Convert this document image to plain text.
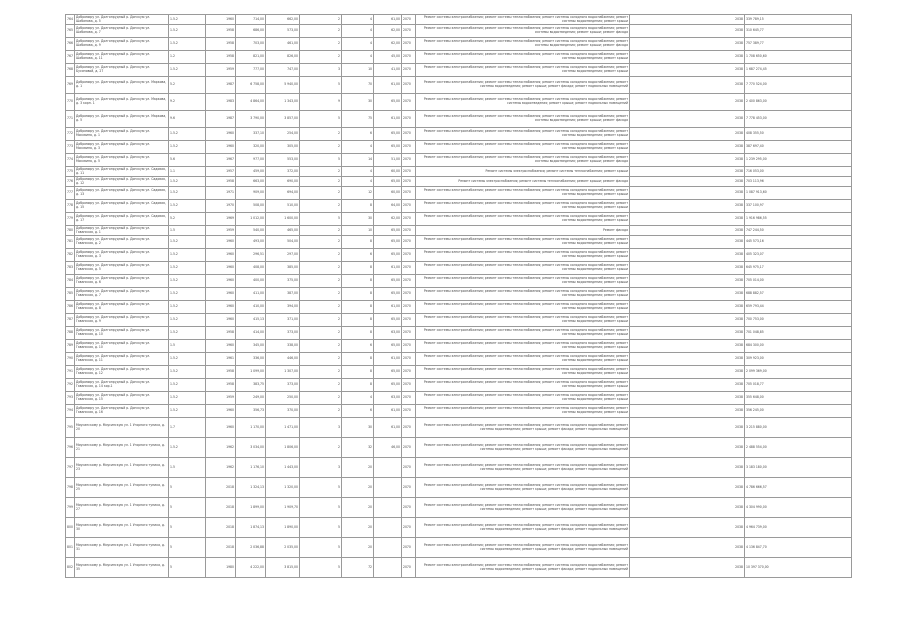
764	Добромиру ул. Долгопрудный р. Донскую ул. Шабанова, д. 5	1.5.2	1960	714,00	662,00	2	4	61,00	2070	Ремонт системы электроснабжения; ремонт системы теплоснабжения; ремонт системы холодного водоснабжения; ремонт системы водоотведения; ремонт крыши	2038	339 789,15
765	Добромиру ул. Долгопрудный р. Донскую ул. Шабанова, д. 7	1.5.2	1958	686,00	573,00	2	4	62,00	2070	Ремонт системы электроснабжения; ремонт системы теплоснабжения; ремонт системы холодного водоснабжения; ремонт системы водоотведения; ремонт крыши; ремонт фасада	2038	310 645,77
766	Добромиру ул. Долгопрудный р. Донскую ул. Шабанова, д. 9	1.5.2	1958	703,00	461,00	2	4	62,00	2070	Ремонт системы электроснабжения; ремонт системы теплоснабжения; ремонт системы холодного водоснабжения; ремонт системы водоотведения; ремонт крыши; ремонт фасада	2038	757 389,77
767	Добромиру ул. Долгопрудный р. Донскую ул. Шабанова, д. 11	1.2	1958	821,00	826,00	2	4	45,00	2070	Ремонт системы электроснабжения; ремонт системы теплоснабжения; ремонт системы холодного водоснабжения; ремонт системы водоотведения; ремонт крыши	2038	1 708 650,60
768	Добромиру ул. Долгопрудный р. Донскую ул. Бусиновой, д. 27	1.5.2	1959	777,00	747,00	3	10	41,00	2070	Ремонт системы электроснабжения; ремонт системы теплоснабжения; ремонт системы холодного водоснабжения; ремонт системы водоотведения; ремонт крыши	2038	1 687 274,45
769	Добромиру ул. Долгопрудный р. Донскую ул. Маркова, д. 1	5.2	1987	6 758,00	5 940,00	5	70	61,00	2070	Ремонт системы электроснабжения; ремонт системы теплоснабжения; ремонт системы холодного водоснабжения; ремонт системы водоотведения; ремонт крыши; ремонт фасада; ремонт подвальных помещений	2038	7 770 524,00
770	Добромиру ул. Долгопрудный р. Донскую ул. Маркова, д. 3 корп. 1	9.2	1983	4 864,00	1 343,00	9	30	65,00	2070	Ремонт системы электроснабжения; ремонт системы теплоснабжения; ремонт системы холодного водоснабжения; ремонт системы водоотведения; ремонт крыши; ремонт подвальных помещений	2038	2 400 863,00
771	Добромиру ул. Долгопрудный р. Донскую ул. Маркова, д. 5	9.6	1987	3 790,00	3 857,00	5	75	61,00	2070	Ремонт системы электроснабжения; ремонт системы теплоснабжения; ремонт системы холодного водоснабжения; ремонт системы водоотведения; ремонт крыши; ремонт фасада	2038	7 778 453,00
772	Добромиру ул. Долгопрудный р. Донскую ул. Москвина, д. 1	1.5.2	1960	337,10	254,00	2	6	65,00	2070	Ремонт системы электроснабжения; ремонт системы теплоснабжения; ремонт системы холодного водоснабжения; ремонт системы водоотведения; ремонт крыши	2038	408 355,50
773	Добромиру ул. Долгопрудный р. Донскую ул. Москвина, д. 3	1.5.2	1960	320,00	305,00	2	4	65,00	2070	Ремонт системы электроснабжения; ремонт системы теплоснабжения; ремонт системы холодного водоснабжения; ремонт системы водоотведения; ремонт крыши	2038	387 697,40
774	Добромиру ул. Долгопрудный р. Донскую ул. Москвина, д. 5	5.6	1967	977,00	553,00	5	14	51,00	2070	Ремонт системы электроснабжения; ремонт системы теплоснабжения; ремонт системы холодного водоснабжения; ремонт системы водоотведения; ремонт крыши; ремонт фасада	2038	1 239 295,00
775	Добромиру ул. Долгопрудный р. Донскую ул. Садовая, д. 11	1.1	1957	459,00	372,00	2	4	60,00	2070	Ремонт системы электроснабжения; ремонт системы теплоснабжения; ремонт крыши	2038	716 053,00
776	Добромиру ул. Долгопрудный р. Донскую ул. Садовая, д. 12	1.5.2	1958	663,00	690,00	2	4	65,00	2070	Ремонт системы электроснабжения; ремонт системы теплоснабжения; ремонт крыши; ремонт фасада	2038	703 113,96
777	Добромиру ул. Долгопрудный р. Донскую ул. Садовая, д. 13	1.5.2	1971	909,00	694,00	2	12	60,00	2070	Ремонт системы электроснабжения; ремонт системы теплоснабжения; ремонт системы холодного водоснабжения; ремонт системы водоотведения; ремонт крыши	2038	1 087 913,60
778	Добромиру ул. Долгопрудный р. Донскую ул. Садовая, д. 15	1.5.2	1970	508,00	510,00	2	8	64,00	2070	Ремонт системы электроснабжения; ремонт системы теплоснабжения; ремонт системы холодного водоснабжения; ремонт системы водоотведения; ремонт крыши	2038	337 100,97
779	Добромиру ул. Долгопрудный р. Донскую ул. Садовая, д. 17	5.2	1969	1 012,00	1 600,00	5	30	62,00	2070	Ремонт системы электроснабжения; ремонт системы теплоснабжения; ремонт системы холодного водоснабжения; ремонт системы водоотведения; ремонт крыши	2038	1 916 986,55
780	Добромиру ул. Долгопрудный р. Донскую ул. Гаванская, д. 1	1.5	1959	540,00	465,00	2	10	65,00	2070	Ремонт фасада	2038	747 244,50
781	Добромиру ул. Долгопрудный р. Донскую ул. Гаванская, д. 2	1.5.2	1960	493,00	504,00	2	8	65,00	2070	Ремонт системы электроснабжения; ремонт системы теплоснабжения; ремонт системы холодного водоснабжения; ремонт системы водоотведения; ремонт крыши	2038	445 573,16
782	Добромиру ул. Долгопрудный р. Донскую ул. Гаванская, д. 3	1.5.2	1960	296,51	297,00	2	6	65,00	2070	Ремонт системы электроснабжения; ремонт системы теплоснабжения; ремонт системы холодного водоснабжения; ремонт системы водоотведения; ремонт крыши	2038	405 323,07
783	Добромиру ул. Долгопрудный р. Донскую ул. Гаванская, д. 5	1.5.2	1960	408,00	385,00	2	8	61,00	2070	Ремонт системы электроснабжения; ремонт системы теплоснабжения; ремонт системы холодного водоснабжения; ремонт системы водоотведения; ремонт крыши	2038	645 975,17
784	Добромиру ул. Долгопрудный р. Донскую ул. Гаванская, д. 6	1.5.2	1960	400,00	375,00	2	8	65,00	2070	Ремонт системы электроснабжения; ремонт системы теплоснабжения; ремонт системы холодного водоснабжения; ремонт системы водоотведения; ремонт крыши	2038	705 014,00
785	Добромиру ул. Долгопрудный р. Донскую ул. Гаванская, д. 7	1.5.2	1960	411,00	387,00	2	8	65,00	2070	Ремонт системы электроснабжения; ремонт системы теплоснабжения; ремонт системы холодного водоснабжения; ремонт системы водоотведения; ремонт крыши	2038	688 882,57
786	Добромиру ул. Долгопрудный р. Донскую ул. Гаванская, д. 8	1.5.2	1960	410,00	394,00	2	8	61,00	2070	Ремонт системы электроснабжения; ремонт системы теплоснабжения; ремонт системы холодного водоснабжения; ремонт системы водоотведения; ремонт крыши	2038	659 793,44
787	Добромиру ул. Долгопрудный р. Донскую ул. Гаванская, д. 9	1.5.2	1960	415,13	371,00	2	8	65,00	2070	Ремонт системы электроснабжения; ремонт системы теплоснабжения; ремонт системы холодного водоснабжения; ремонт системы водоотведения; ремонт крыши	2038	700 753,00
788	Добромиру ул. Долгопрудный р. Донскую ул. Гаванская, д. 10	1.5.2	1958	414,00	373,00	2	8	63,00	2070	Ремонт системы электроснабжения; ремонт системы теплоснабжения; ремонт системы холодного водоснабжения; ремонт системы водоотведения; ремонт крыши	2038	701 048,85
789	Добромиру ул. Долгопрудный р. Донскую ул. Гаванская, д. 10	1.5	1960	345,00	338,00	2	6	65,00	2070	Ремонт системы электроснабжения; ремонт системы теплоснабжения; ремонт системы холодного водоснабжения; ремонт системы водоотведения; ремонт крыши	2038	684 300,00
790	Добромиру ул. Долгопрудный р. Донскую ул. Гаванская, д. 11	1.5.2	1961	336,00	446,00	2	8	61,00	2070	Ремонт системы электроснабжения; ремонт системы теплоснабжения; ремонт системы холодного водоснабжения; ремонт системы водоотведения; ремонт крыши	2038	309 923,00
791	Добромиру ул. Долгопрудный р. Донскую ул. Гаванская, д. 12	1.5.2	1958	1 099,00	1 307,00	2	8	65,00	2070	Ремонт системы электроснабжения; ремонт системы теплоснабжения; ремонт системы холодного водоснабжения; ремонт системы водоотведения; ремонт крыши	2038	2 099 369,00
792	Добромиру ул. Долгопрудный р. Донскую ул. Гаванская, д. 14 кор.1	1.5.2	1958	383,75	373,00	2	8	65,00	2070	Ремонт системы электроснабжения; ремонт системы теплоснабжения; ремонт системы холодного водоснабжения; ремонт системы водоотведения; ремонт крыши	2038	705 018,77
793	Добромиру ул. Долгопрудный р. Донскую ул. Гаванская, д. 15	1.5.2	1959	249,00	250,00	2	4	63,00	2070	Ремонт системы электроснабжения; ремонт системы теплоснабжения; ремонт системы холодного водоснабжения; ремонт системы водоотведения; ремонт крыши	2038	355 648,00
794	Добромиру ул. Долгопрудный р. Донскую ул. Гаванская, д. 16	1.5.2	1960	356,73	370,00	2	6	61,00	2070	Ремонт системы электроснабжения; ремонт системы теплоснабжения; ремонт системы холодного водоснабжения; ремонт системы водоотведения; ремонт крыши	2038	356 245,00
795	Миусинскому р. Миусинскую ул. 1 Угорного тупика, д. 20	1.7	1960	1 170,00	1 471,00	3	30	61,00	2070	Ремонт системы электроснабжения; ремонт системы теплоснабжения; ремонт системы холодного водоснабжения; ремонт системы водоотведения; ремонт крыши; ремонт фасада; ремонт подвальных помещений	2038	3 215 880,00
796	Миусинскому р. Миусинскую ул. 1 Угорного тупика, д. 21	1.5.2	1962	3 034,00	1 806,00	2	32	46,00	2070	Ремонт системы электроснабжения; ремонт системы теплоснабжения; ремонт системы холодного водоснабжения; ремонт системы водоотведения; ремонт крыши; ремонт фасада; ремонт подвальных помещений	2038	2 488 554,00
797	Миусинскому р. Миусинскую ул. 1 Угорного тупика, д. 23	1.5	1962	1 176,10	1 443,00	3	20		2070	Ремонт системы электроснабжения; ремонт системы теплоснабжения; ремонт системы холодного водоснабжения; ремонт системы водоотведения; ремонт крыши; ремонт фасада; ремонт подвальных помещений	2038	3 183 180,00
798	Миусинскому р. Миусинскую ул. 1 Угорного тупика, д. 25	5	2018	1 324,13	1 320,00	5	20		2070	Ремонт системы электроснабжения; ремонт системы теплоснабжения; ремонт системы холодного водоснабжения; ремонт системы водоотведения; ремонт крыши; ремонт фасада; ремонт подвальных помещений	2038	4 786 666,57
799	Миусинскому р. Миусинскую ул. 1 Угорного тупика, д. 27	5	2018	1 899,00	1 909,70	5	20		2070	Ремонт системы электроснабжения; ремонт системы теплоснабжения; ремонт системы холодного водоснабжения; ремонт системы водоотведения; ремонт крыши; ремонт фасада; ремонт подвальных помещений	2038	4 304 990,00
800	Миусинскому р. Миусинскую ул. 1 Угорного тупика, д. 30	5	2018	1 874,13	1 890,00	5	20		2070	Ремонт системы электроснабжения; ремонт системы теплоснабжения; ремонт системы холодного водоснабжения; ремонт системы водоотведения; ремонт крыши; ремонт фасада; ремонт подвальных помещений	2038	4 964 739,00
801	Миусинскому р. Миусинскую ул. 1 Угорного тупика, д. 31	5	2018	2 036,88	2 035,00	5	20		2070	Ремонт системы электроснабжения; ремонт системы теплоснабжения; ремонт системы холодного водоснабжения; ремонт системы водоотведения; ремонт крыши; ремонт фасада; ремонт подвальных помещений	2038	4 136 847,70
802	Миусинскому р. Миусинскую ул. 1 Угорного тупика, д. 35	5	1980	4 222,00	3 815,00	5	72		2070	Ремонт системы электроснабжения; ремонт системы теплоснабжения; ремонт системы холодного водоснабжения; ремонт системы водоотведения; ремонт крыши; ремонт фасада; ремонт подвальных помещений	2038	10 397 370,00
